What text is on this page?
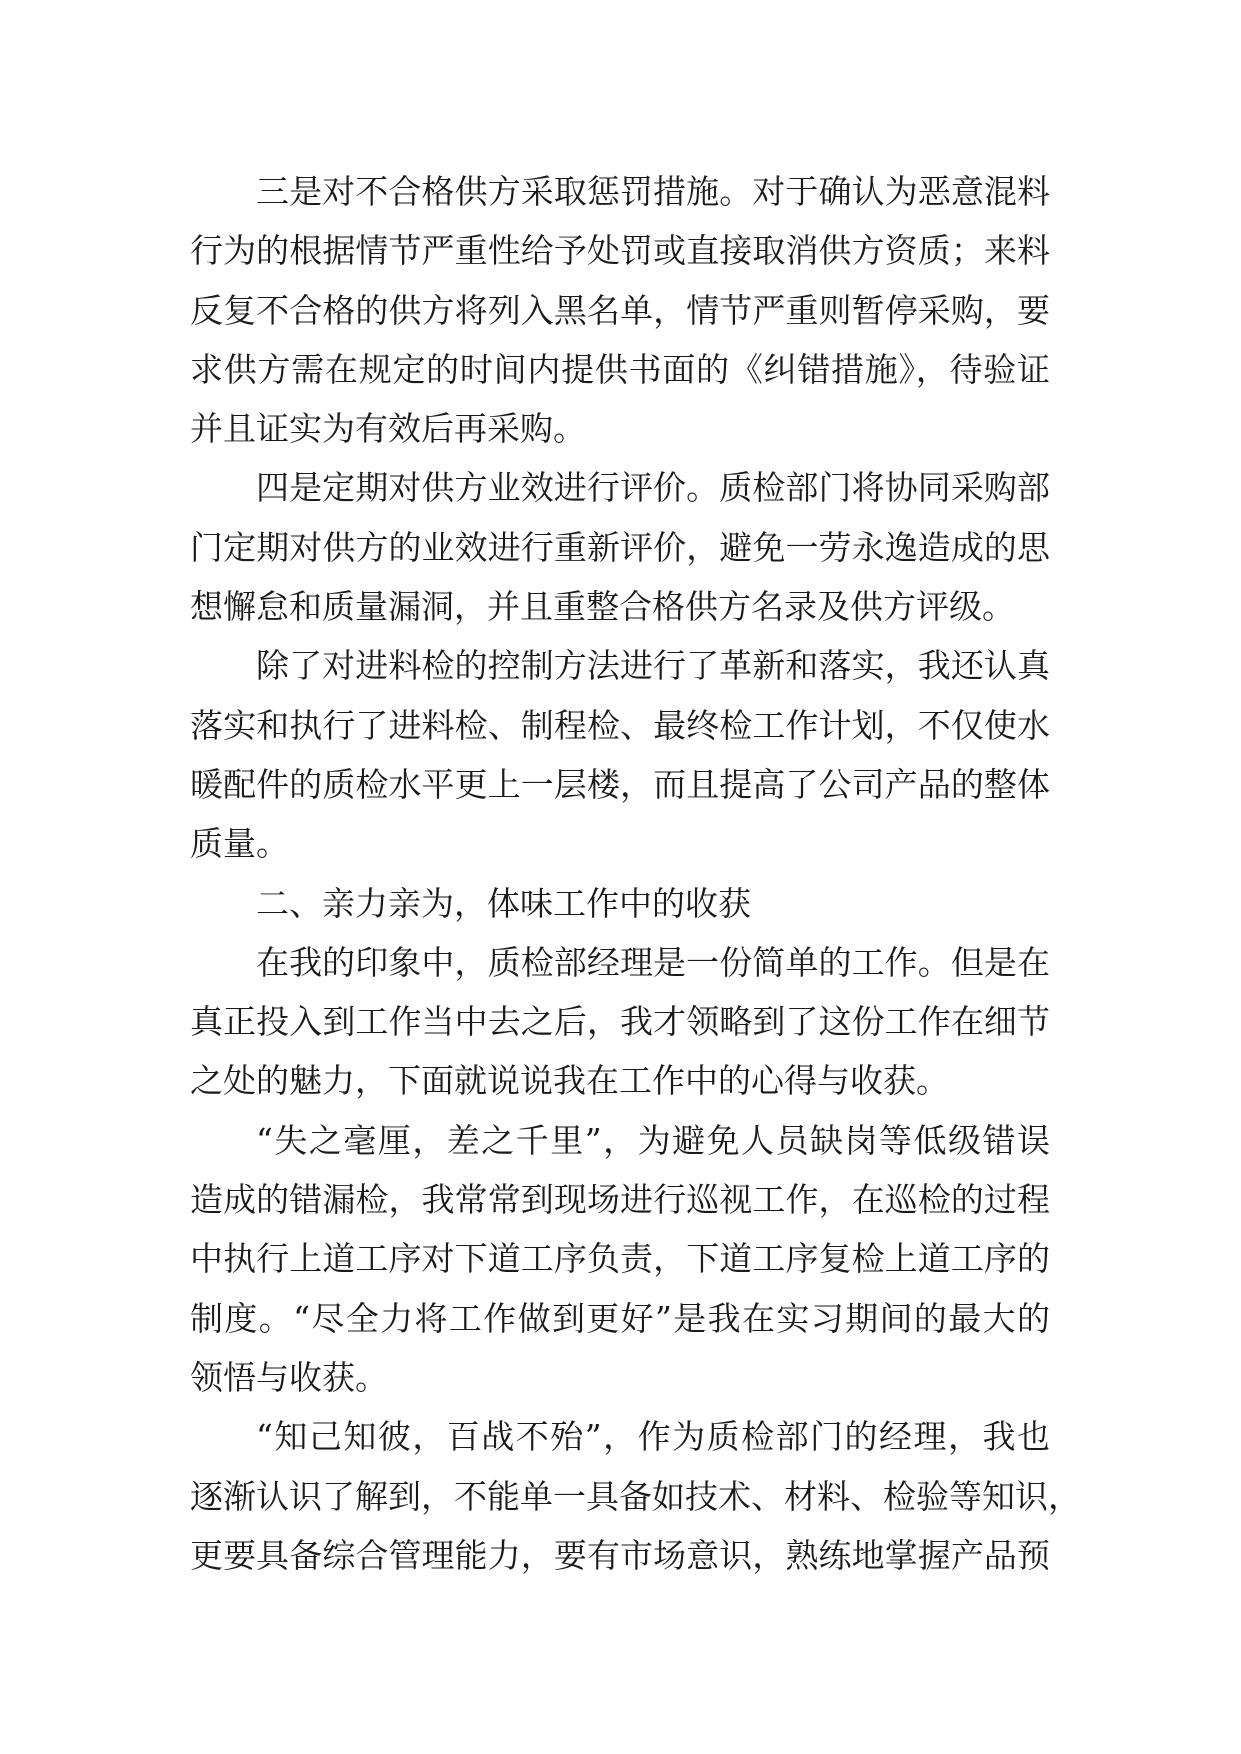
三是对不合格供方采取惩罚措施。对于确认为恶意混料
行为的根据情节严重性给予处罚或直接取消供方资质；来料
反复不合格的供方将列入黑名单，情节严重则暂停采购，要
求供方需在规定的时间内提供书面的《纠错措施》，待验证
并且证实为有效后再采购。
四是定期对供方业效进行评价。质检部门将协同采购部
门定期对供方的业效进行重新评价，避免一劳永逸造成的思
想懈怠和质量漏洞，并且重整合格供方名录及供方评级。
除了对进料检的控制方法进行了革新和落实，我还认真
落实和执行了进料检、制程检、最终检工作计划，不仅使水
暖配件的质检水平更上一层楼，而且提高了公司产品的整体
质量。
二、亲力亲为，体味工作中的收获
在我的印象中，质检部经理是一份简单的工作。但是在
真正投入到工作当中去之后，我才领略到了这份工作在细节
之处的魅力，下面就说说我在工作中的心得与收获。
“失之毫厘，差之千里”，为避免人员缺岗等低级错误
造成的错漏检，我常常到现场进行巡视工作，在巡检的过程
中执行上道工序对下道工序负责，下道工序复检上道工序的
制度。“尽全力将工作做到更好”是我在实习期间的最大的
领悟与收获。
“知己知彼，百战不殆”，作为质检部门的经理，我也
逐渐认识了解到，不能单一具备如技术、材料、检验等知识，
更要具备综合管理能力，要有市场意识，熟练地掌握产品预
